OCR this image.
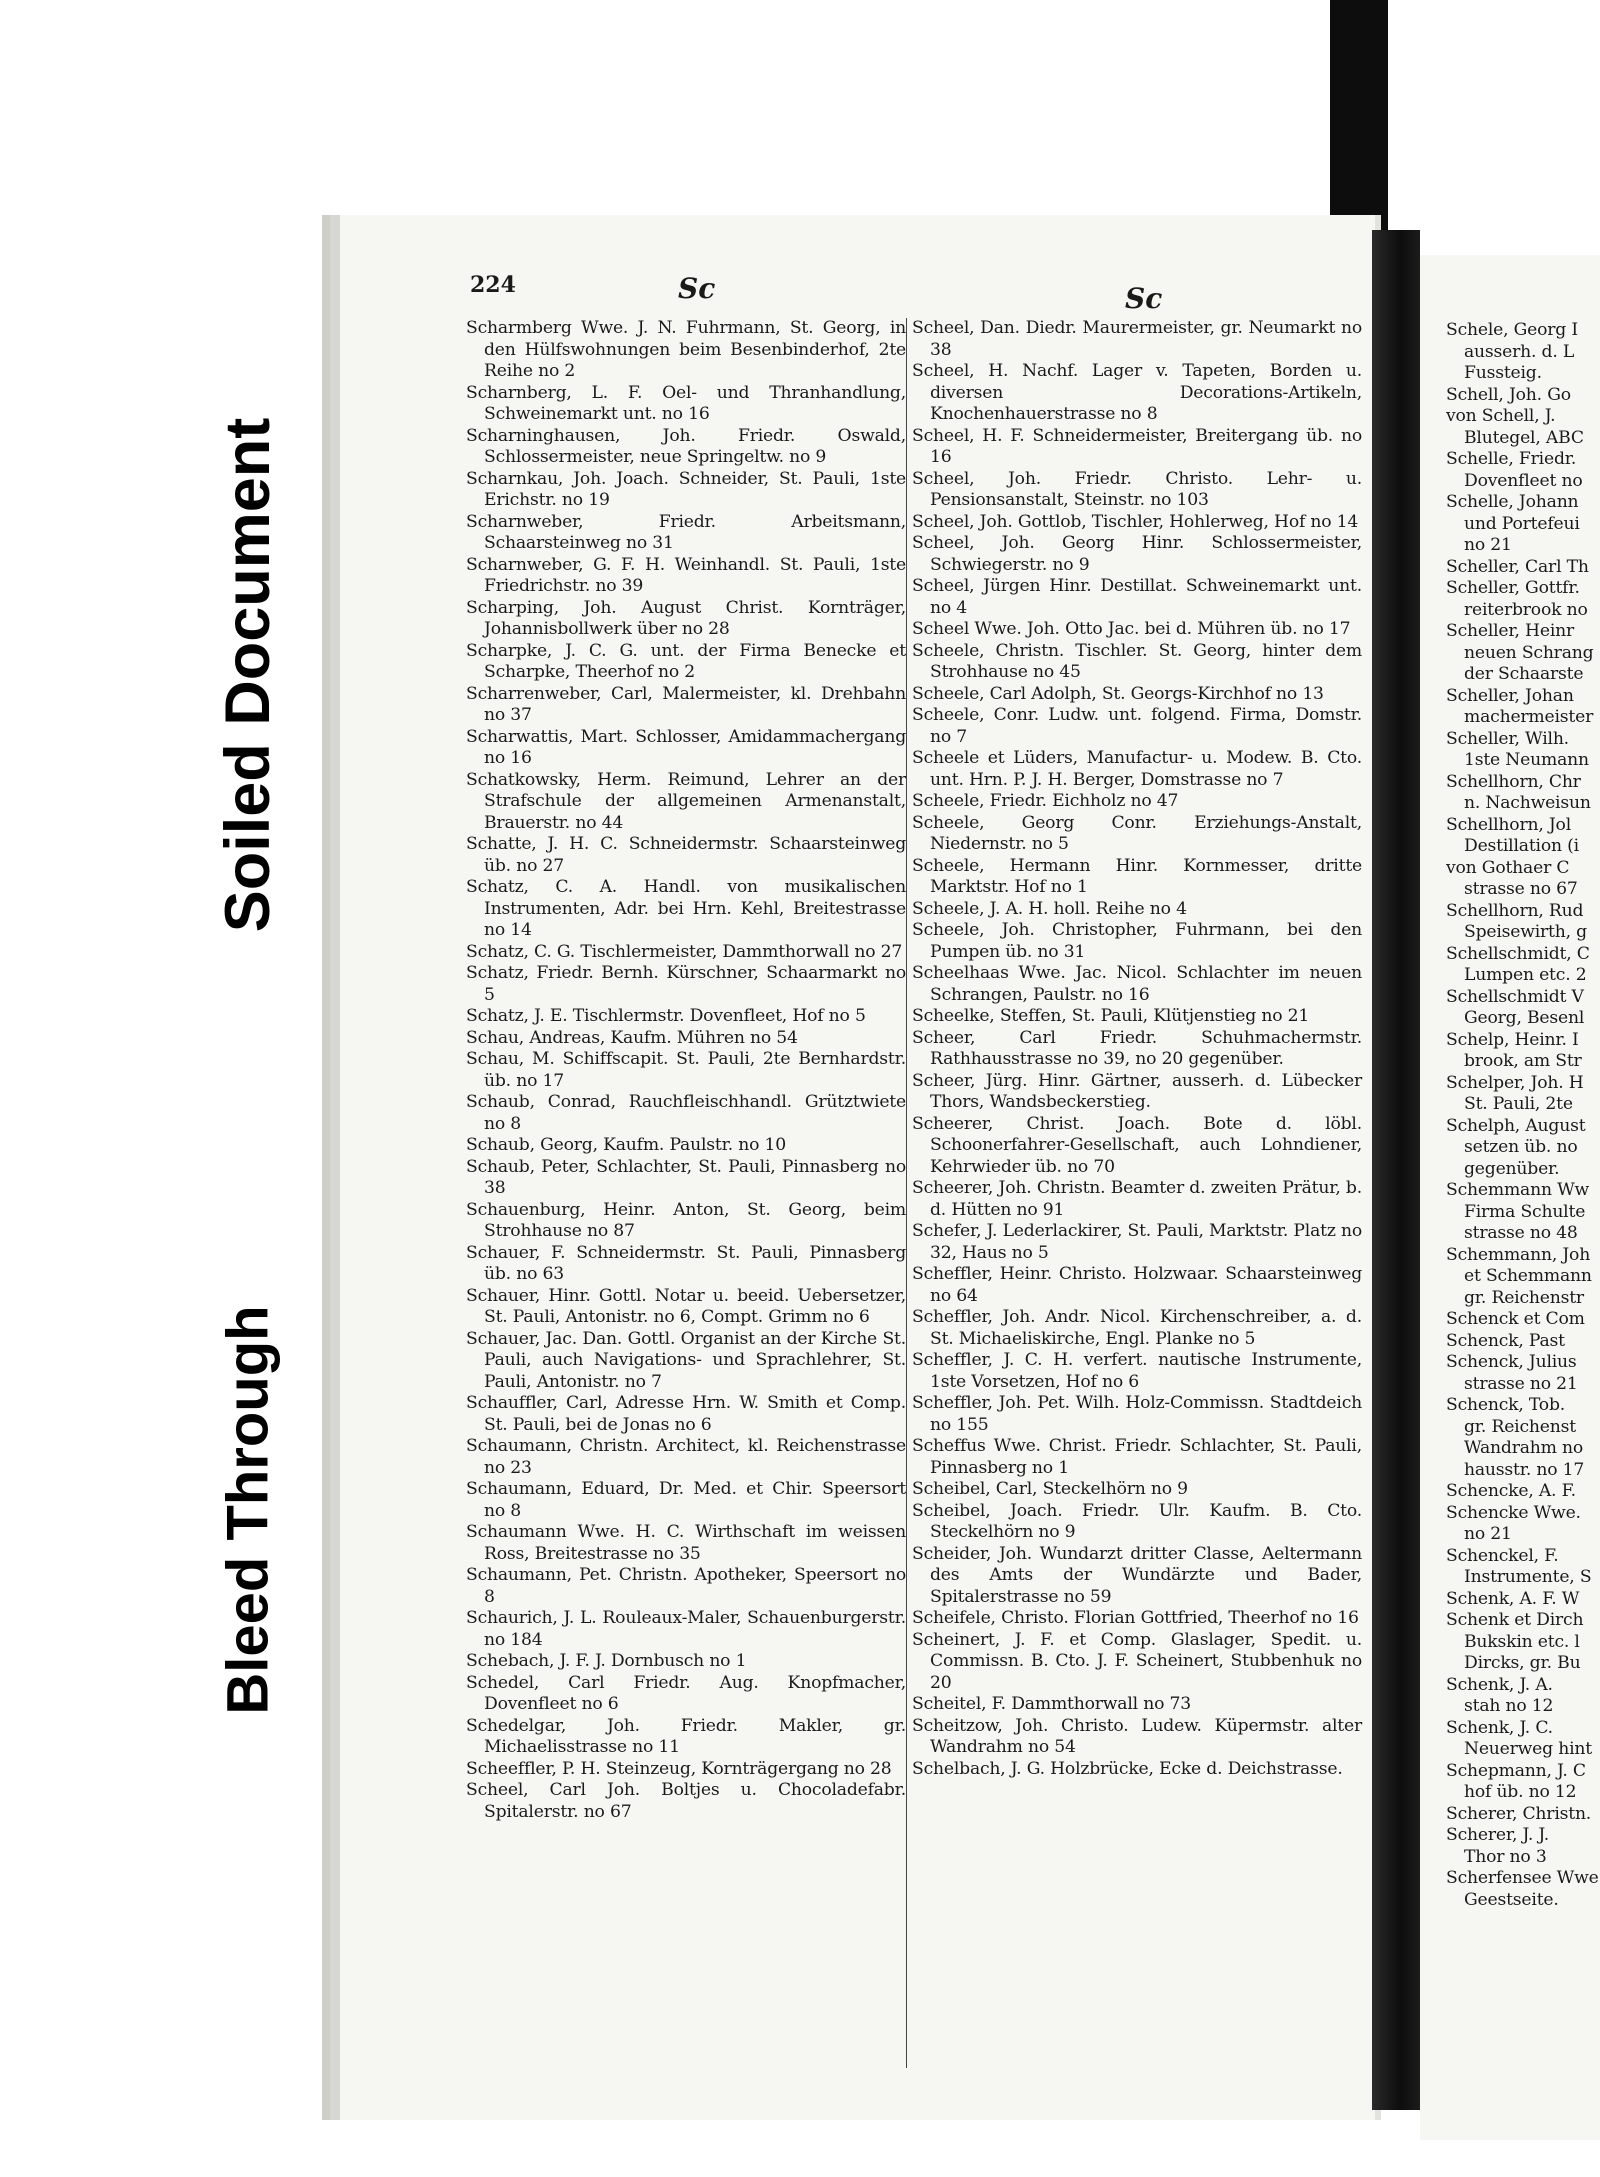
Soiled Document
Bleed Through
224	Sc	Sc
Scharmberg Wwe. J. N. Fuhrmann, St. Georg, in den Hülfswohnungen beim Besenbinderhof, 2te Reihe no 2
Scharnberg, L. F. Oel- und Thranhandlung, Schweinemarkt unt. no 16
Scharninghausen, Joh. Friedr. Oswald, Schlossermeister, neue Springeltw. no 9
Scharnkau, Joh. Joach. Schneider, St. Pauli, 1ste Erichstr. no 19
Scharnweber, Friedr. Arbeitsmann, Schaarsteinweg no 31
Scharnweber, G. F. H. Weinhandl. St. Pauli, 1ste Friedrichstr. no 39
Scharping, Joh. August Christ. Kornträger, Johannisbollwerk über no 28
Scharpke, J. C. G. unt. der Firma Benecke et Scharpke, Theerhof no 2
Scharrenweber, Carl, Malermeister, kl. Drehbahn no 37
Scharwattis, Mart. Schlosser, Amidammachergang no 16
Schatkowsky, Herm. Reimund, Lehrer an der Strafschule der allgemeinen Armenanstalt, Brauerstr. no 44
Schatte, J. H. C. Schneidermstr. Schaarsteinweg üb. no 27
Schatz, C. A. Handl. von musikalischen Instrumenten, Adr. bei Hrn. Kehl, Breitestrasse no 14
Schatz, C. G. Tischlermeister, Dammthorwall no 27
Schatz, Friedr. Bernh. Kürschner, Schaarmarkt no 5
Schatz, J. E. Tischlermstr. Dovenfleet, Hof no 5
Schau, Andreas, Kaufm. Mühren no 54
Schau, M. Schiffscapit. St. Pauli, 2te Bernhardstr. üb. no 17
Schaub, Conrad, Rauchfleischhandl. Grütztwiete no 8
Schaub, Georg, Kaufm. Paulstr. no 10
Schaub, Peter, Schlachter, St. Pauli, Pinnasberg no 38
Schauenburg, Heinr. Anton, St. Georg, beim Strohhause no 87
Schauer, F. Schneidermstr. St. Pauli, Pinnasberg üb. no 63
Schauer, Hinr. Gottl. Notar u. beeid. Uebersetzer, St. Pauli, Antonistr. no 6, Compt. Grimm no 6
Schauer, Jac. Dan. Gottl. Organist an der Kirche St. Pauli, auch Navigations- und Sprachlehrer, St. Pauli, Antonistr. no 7
Schauffler, Carl, Adresse Hrn. W. Smith et Comp. St. Pauli, bei de Jonas no 6
Schaumann, Christn. Architect, kl. Reichenstrasse no 23
Schaumann, Eduard, Dr. Med. et Chir. Speersort no 8
Schaumann Wwe. H. C. Wirthschaft im weissen Ross, Breitestrasse no 35
Schaumann, Pet. Christn. Apotheker, Speersort no 8
Schaurich, J. L. Rouleaux-Maler, Schauenburgerstr. no 184
Schebach, J. F. J. Dornbusch no 1
Schedel, Carl Friedr. Aug. Knopfmacher, Dovenfleet no 6
Schedelgar, Joh. Friedr. Makler, gr. Michaelisstrasse no 11
Scheeffler, P. H. Steinzeug, Kornträgergang no 28
Scheel, Carl Joh. Boltjes u. Chocoladefabr. Spitalerstr. no 67
Scheel, Dan. Diedr. Maurermeister, gr. Neumarkt no 38
Scheel, H. Nachf. Lager v. Tapeten, Borden u. diversen Decorations-Artikeln, Knochenhauerstrasse no 8
Scheel, H. F. Schneidermeister, Breitergang üb. no 16
Scheel, Joh. Friedr. Christo. Lehr- u. Pensionsanstalt, Steinstr. no 103
Scheel, Joh. Gottlob, Tischler, Hohlerweg, Hof no 14
Scheel, Joh. Georg Hinr. Schlossermeister, Schwiegerstr. no 9
Scheel, Jürgen Hinr. Destillat. Schweinemarkt unt. no 4
Scheel Wwe. Joh. Otto Jac. bei d. Mühren üb. no 17
Scheele, Christn. Tischler. St. Georg, hinter dem Strohhause no 45
Scheele, Carl Adolph, St. Georgs-Kirchhof no 13
Scheele, Conr. Ludw. unt. folgend. Firma, Domstr. no 7
Scheele et Lüders, Manufactur- u. Modew. B. Cto. unt. Hrn. P. J. H. Berger, Domstrasse no 7
Scheele, Friedr. Eichholz no 47
Scheele, Georg Conr. Erziehungs-Anstalt, Niedernstr. no 5
Scheele, Hermann Hinr. Kornmesser, dritte Marktstr. Hof no 1
Scheele, J. A. H. holl. Reihe no 4
Scheele, Joh. Christopher, Fuhrmann, bei den Pumpen üb. no 31
Scheelhaas Wwe. Jac. Nicol. Schlachter im neuen Schrangen, Paulstr. no 16
Scheelke, Steffen, St. Pauli, Klütjenstieg no 21
Scheer, Carl Friedr. Schuhmachermstr. Rathhausstrasse no 39, no 20 gegenüber.
Scheer, Jürg. Hinr. Gärtner, ausserh. d. Lübecker Thors, Wandsbeckerstieg.
Scheerer, Christ. Joach. Bote d. löbl. Schoonerfahrer-Gesellschaft, auch Lohndiener, Kehrwieder üb. no 70
Scheerer, Joh. Christn. Beamter d. zweiten Prätur, b. d. Hütten no 91
Schefer, J. Lederlackirer, St. Pauli, Marktstr. Platz no 32, Haus no 5
Scheffler, Heinr. Christo. Holzwaar. Schaarsteinweg no 64
Scheffler, Joh. Andr. Nicol. Kirchenschreiber, a. d. St. Michaeliskirche, Engl. Planke no 5
Scheffler, J. C. H. verfert. nautische Instrumente, 1ste Vorsetzen, Hof no 6
Scheffler, Joh. Pet. Wilh. Holz-Commissn. Stadtdeich no 155
Scheffus Wwe. Christ. Friedr. Schlachter, St. Pauli, Pinnasberg no 1
Scheibel, Carl, Steckelhörn no 9
Scheibel, Joach. Friedr. Ulr. Kaufm. B. Cto. Steckelhörn no 9
Scheider, Joh. Wundarzt dritter Classe, Aeltermann des Amts der Wundärzte und Bader, Spitalerstrasse no 59
Scheifele, Christo. Florian Gottfried, Theerhof no 16
Scheinert, J. F. et Comp. Glaslager, Spedit. u. Commissn. B. Cto. J. F. Scheinert, Stubbenhuk no 20
Scheitel, F. Dammthorwall no 73
Scheitzow, Joh. Christo. Ludew. Küpermstr. alter Wandrahm no 54
Schelbach, J. G. Holzbrücke, Ecke d. Deichstrasse.
Schele, Georg I
ausserh. d. L
Fussteig.
Schell, Joh. Go
von Schell, J.
Blutegel, ABC
Schelle, Friedr.
Dovenfleet no
Schelle, Johann
und Portefeui
no 21
Scheller, Carl Th
Scheller, Gottfr.
reiterbrook no
Scheller, Heinr
neuen Schrang
der Schaarste
Scheller, Johan
machermeister
Scheller, Wilh.
1ste Neumann
Schellhorn, Chr
n. Nachweisun
Schellhorn, Jol
Destillation (i
von Gothaer C
strasse no 67
Schellhorn, Rud
Speisewirth, g
Schellschmidt, C
Lumpen etc. 2
Schellschmidt V
Georg, Besenl
Schelp, Heinr. I
brook, am Str
Schelper, Joh. H
St. Pauli, 2te
Schelph, August
setzen üb. no
gegenüber.
Schemmann Ww
Firma Schulte
strasse no 48
Schemmann, Joh
et Schemmann
gr. Reichenstr
Schenck et Com
Schenck, Past
Schenck, Julius
strasse no 21
Schenck, Tob.
gr. Reichenst
Wandrahm no
hausstr. no 17
Schencke, A. F.
Schencke Wwe.
no 21
Schenckel, F.
Instrumente, S
Schenk, A. F. W
Schenk et Dirch
Bukskin etc. l
Dircks, gr. Bu
Schenk, J. A.
stah no 12
Schenk, J. C.
Neuerweg hint
Schepmann, J. C
hof üb. no 12
Scherer, Christn.
Scherer, J. J.
Thor no 3
Scherfensee Wwe
Geestseite.
